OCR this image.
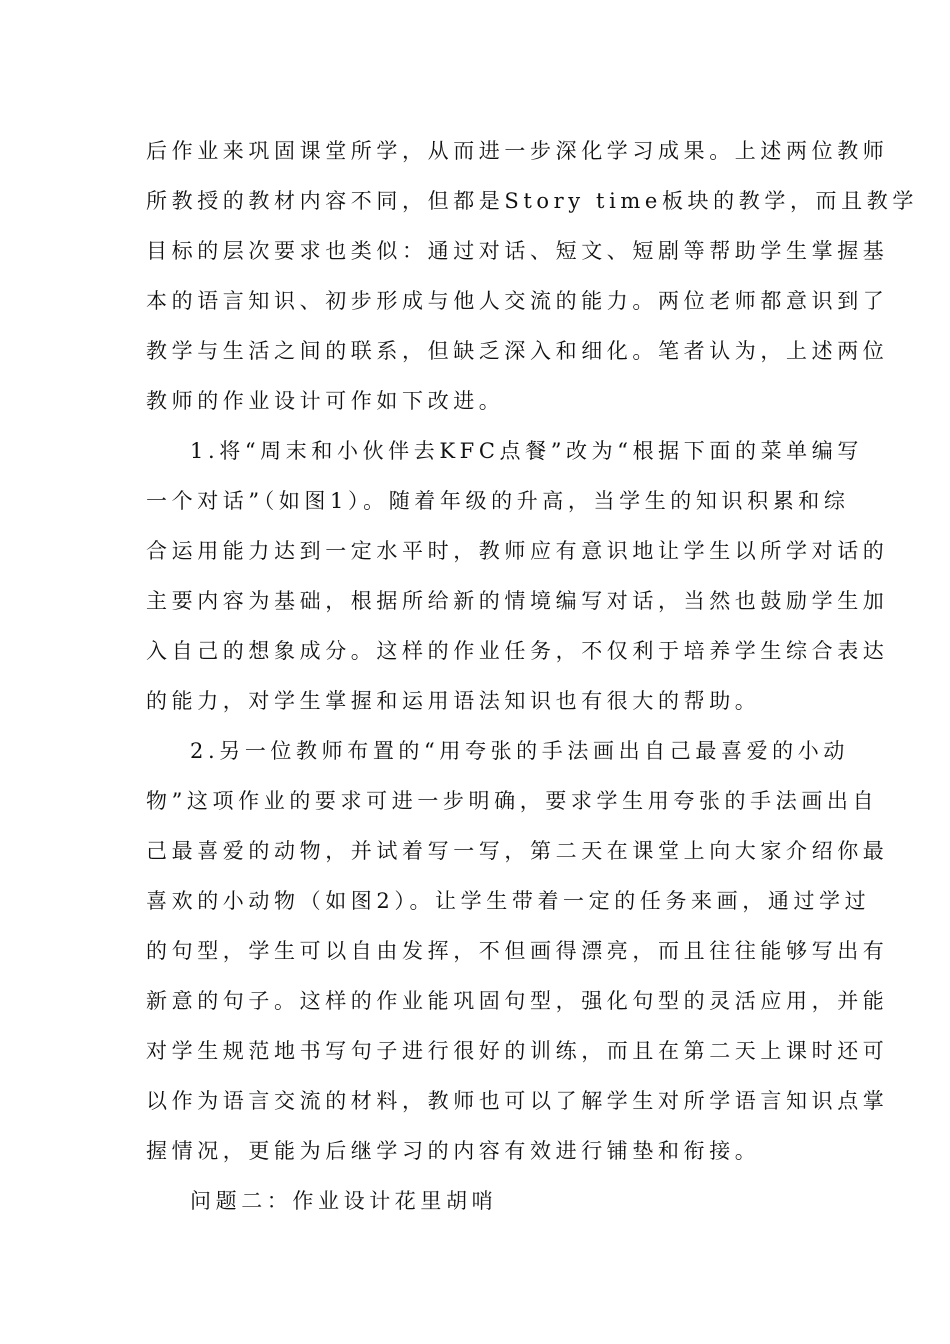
后作业来巩固课堂所学，从而进一步深化学习成果。上述两位教师
所教授的教材内容不同，但都是Story time板块的教学，而且教学
目标的层次要求也类似：通过对话、短文、短剧等帮助学生掌握基
本的语言知识、初步形成与他人交流的能力。两位老师都意识到了
教学与生活之间的联系，但缺乏深入和细化。笔者认为，上述两位
教师的作业设计可作如下改进。
1.将“周末和小伙伴去KFC点餐”改为“根据下面的菜单编写
一个对话”（如图1）。随着年级的升高，当学生的知识积累和综
合运用能力达到一定水平时，教师应有意识地让学生以所学对话的
主要内容为基础，根据所给新的情境编写对话，当然也鼓励学生加
入自己的想象成分。这样的作业任务，不仅利于培养学生综合表达
的能力，对学生掌握和运用语法知识也有很大的帮助。
2.另一位教师布置的“用夸张的手法画出自己最喜爱的小动
物”这项作业的要求可进一步明确，要求学生用夸张的手法画出自
己最喜爱的动物，并试着写一写，第二天在课堂上向大家介绍你最
喜欢的小动物（如图2）。让学生带着一定的任务来画，通过学过
的句型，学生可以自由发挥，不但画得漂亮，而且往往能够写出有
新意的句子。这样的作业能巩固句型，强化句型的灵活应用，并能
对学生规范地书写句子进行很好的训练，而且在第二天上课时还可
以作为语言交流的材料，教师也可以了解学生对所学语言知识点掌
握情况，更能为后继学习的内容有效进行铺垫和衔接。
问题二：作业设计花里胡哨
